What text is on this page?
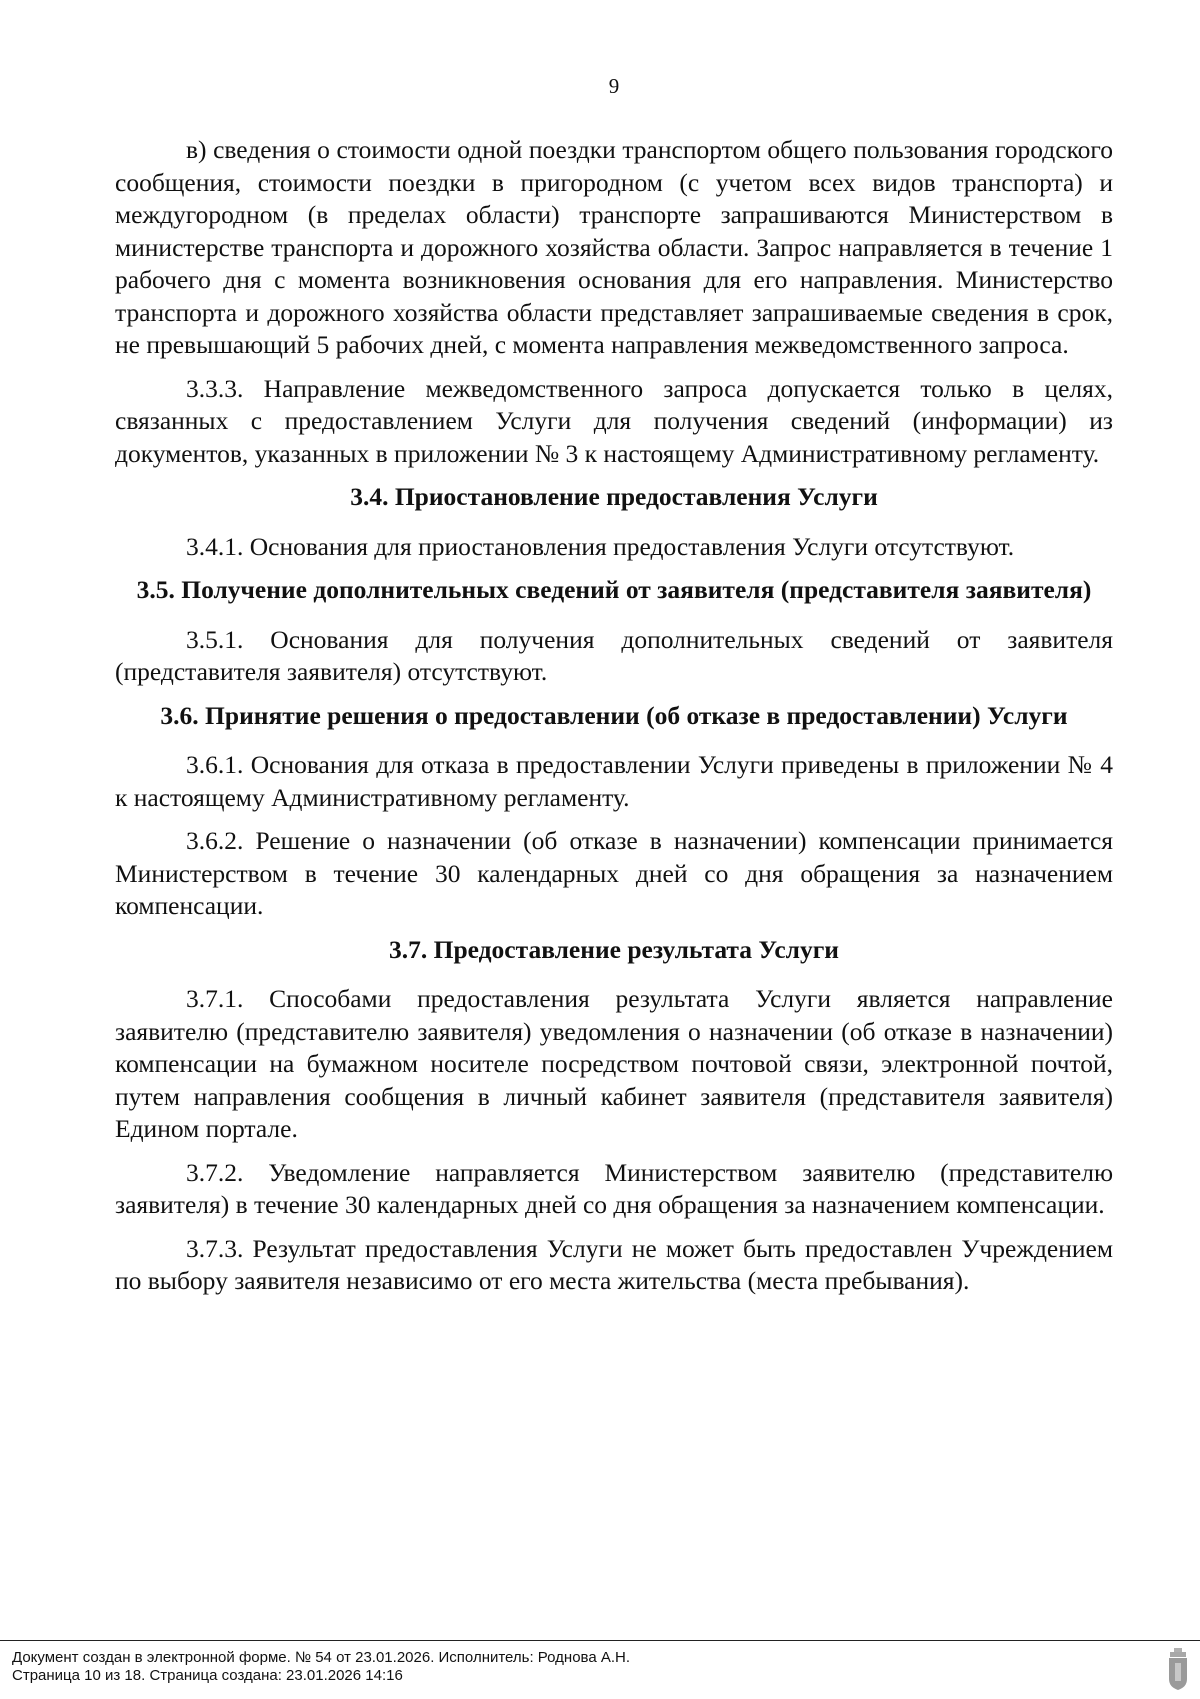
9

в) сведения о стоимости одной поездки транспортом общего пользования городского сообщения, стоимости поездки в пригородном (с учетом всех видов транспорта) и междугородном (в пределах области) транспорте запрашиваются Министерством в министерстве транспорта и дорожного хозяйства области. Запрос направляется в течение 1 рабочего дня с момента возникновения основания для его направления. Министерство транспорта и дорожного хозяйства области представляет запрашиваемые сведения в срок, не превышающий 5 рабочих дней, с момента направления межведомственного запроса.

3.3.3. Направление межведомственного запроса допускается только в целях, связанных с предоставлением Услуги для получения сведений (информации) из документов, указанных в приложении № 3 к настоящему Административному регламенту.

3.4. Приостановление предоставления Услуги

3.4.1. Основания для приостановления предоставления Услуги отсутствуют.

3.5. Получение дополнительных сведений от заявителя (представителя заявителя)

3.5.1. Основания для получения дополнительных сведений от заявителя (представителя заявителя) отсутствуют.

3.6. Принятие решения о предоставлении (об отказе в предоставлении) Услуги

3.6.1. Основания для отказа в предоставлении Услуги приведены в приложении № 4 к настоящему Административному регламенту.

3.6.2. Решение о назначении (об отказе в назначении) компенсации принимается Министерством в течение 30 календарных дней со дня обращения за назначением компенсации.

3.7. Предоставление результата Услуги

3.7.1. Способами предоставления результата Услуги является направление заявителю (представителю заявителя) уведомления о назначении (об отказе в назначении) компенсации на бумажном носителе посредством почтовой связи, электронной почтой, путем направления сообщения в личный кабинет заявителя (представителя заявителя) Едином портале.

3.7.2. Уведомление направляется Министерством заявителю (представителю заявителя) в течение 30 календарных дней со дня обращения за назначением компенсации.

3.7.3. Результат предоставления Услуги не может быть предоставлен Учреждением по выбору заявителя независимо от его места жительства (места пребывания).

Документ создан в электронной форме. № 54 от 23.01.2026. Исполнитель: Роднова А.Н.
Страница 10 из 18. Страница создана: 23.01.2026 14:16
